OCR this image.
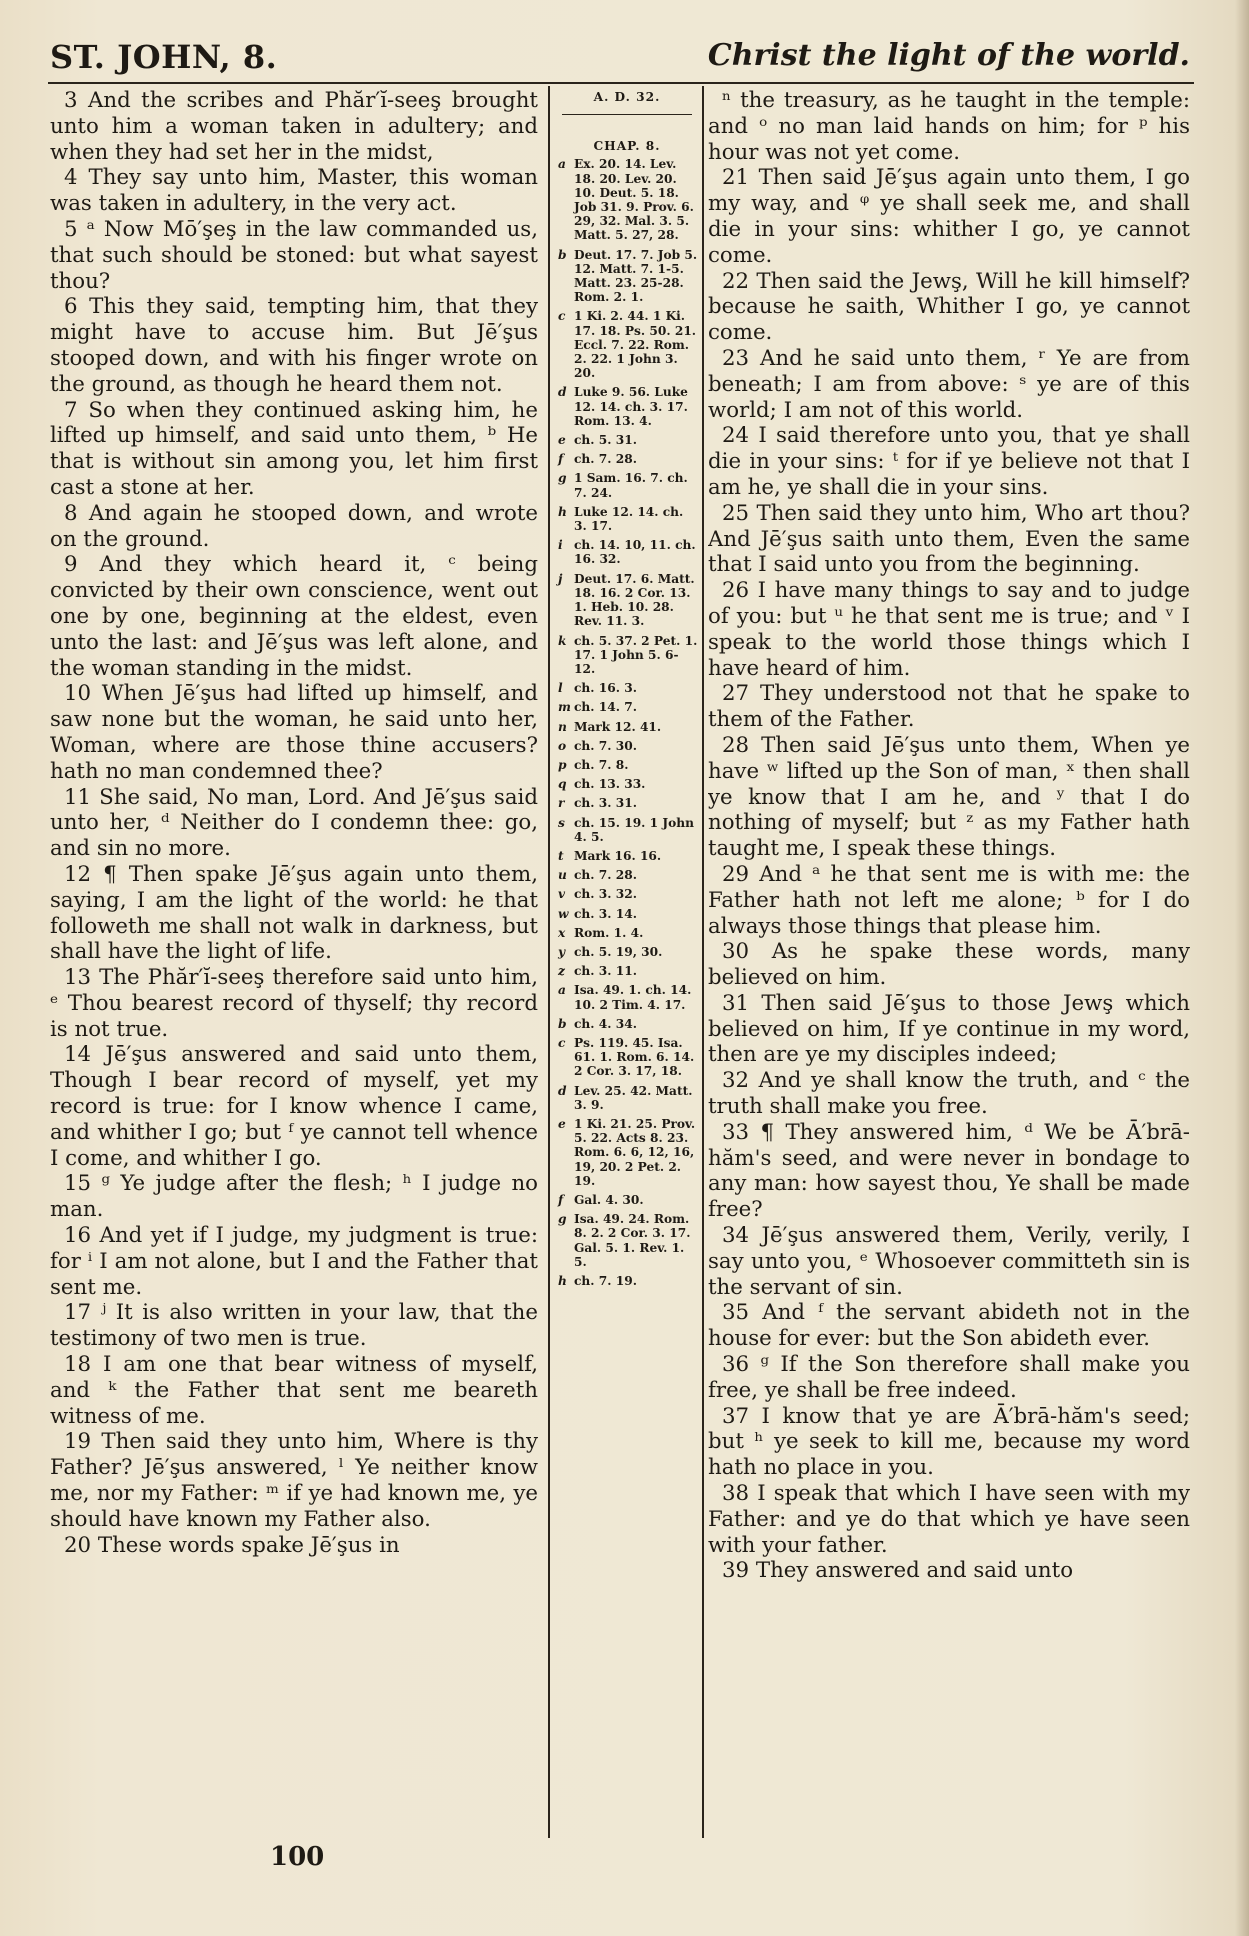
ST. JOHN, 8.	Christ the light of the world.

3 And the scribes and Phăr′ĭ-seeş brought unto him a woman taken in adultery; and when they had set her in the midst,

4 They say unto him, Master, this woman was taken in adultery, in the very act.

5 ᵃ Now Mō′şeş in the law commanded us, that such should be stoned: but what sayest thou?

6 This they said, tempting him, that they might have to accuse him. But Jē′şus stooped down, and with his finger wrote on the ground, as though he heard them not.

7 So when they continued asking him, he lifted up himself, and said unto them, ᵇ He that is without sin among you, let him first cast a stone at her.

8 And again he stooped down, and wrote on the ground.

9 And they which heard it, ᶜ being convicted by their own conscience, went out one by one, beginning at the eldest, even unto the last: and Jē′şus was left alone, and the woman standing in the midst.

10 When Jē′şus had lifted up himself, and saw none but the woman, he said unto her, Woman, where are those thine accusers? hath no man condemned thee?

11 She said, No man, Lord. And Jē′şus said unto her, ᵈ Neither do I condemn thee: go, and sin no more.

12 ¶ Then spake Jē′şus again unto them, saying, I am the light of the world: he that followeth me shall not walk in darkness, but shall have the light of life.

13 The Phăr′ĭ-seeş therefore said unto him, ᵉ Thou bearest record of thyself; thy record is not true.

14 Jē′şus answered and said unto them, Though I bear record of myself, yet my record is true: for I know whence I came, and whither I go; but ᶠ ye cannot tell whence I come, and whither I go.

15 ᵍ Ye judge after the flesh; ʰ I judge no man.

16 And yet if I judge, my judgment is true: for ⁱ I am not alone, but I and the Father that sent me.

17 ʲ It is also written in your law, that the testimony of two men is true.

18 I am one that bear witness of myself, and ᵏ the Father that sent me beareth witness of me.

19 Then said they unto him, Where is thy Father? Jē′şus answered, ˡ Ye neither know me, nor my Father: ᵐ if ye had known me, ye should have known my Father also.

20 These words spake Jē′şus in

A. D. 32.
CHAP. 8.
a Ex. 20. 14. Lev. 18. 20. Lev. 20. 10. Deut. 5. 18. Job 31. 9. Prov. 6. 29, 32. Mal. 3. 5. Matt. 5. 27, 28.
b Deut. 17. 7. Job 5. 12. Matt. 7. 1-5. Matt. 23. 25-28. Rom. 2. 1.
c 1 Ki. 2. 44. 1 Ki. 17. 18. Ps. 50. 21. Eccl. 7. 22. Rom. 2. 22. 1 John 3. 20.
d Luke 9. 56. Luke 12. 14. ch. 3. 17. Rom. 13. 4.
e ch. 5. 31.
f ch. 7. 28.
g 1 Sam. 16. 7. ch. 7. 24.
h Luke 12. 14. ch. 3. 17.
i ch. 14. 10, 11. ch. 16. 32.
j Deut. 17. 6. Matt. 18. 16. 2 Cor. 13. 1. Heb. 10. 28. Rev. 11. 3.
k ch. 5. 37. 2 Pet. 1. 17. 1 John 5. 6-12.
l ch. 16. 3.
m ch. 14. 7.
n Mark 12. 41.
o ch. 7. 30.
p ch. 7. 8.
q ch. 13. 33.
r ch. 3. 31.
s ch. 15. 19. 1 John 4. 5.
t Mark 16. 16.
u ch. 7. 28.
v ch. 3. 32.
w ch. 3. 14.
x Rom. 1. 4.
y ch. 5. 19, 30.
z ch. 3. 11.
a Isa. 49. 1. ch. 14. 10. 2 Tim. 4. 17.
b ch. 4. 34.
c Ps. 119. 45. Isa. 61. 1. Rom. 6. 14. 2 Cor. 3. 17, 18.
d Lev. 25. 42. Matt. 3. 9.
e 1 Ki. 21. 25. Prov. 5. 22. Acts 8. 23. Rom. 6. 6, 12, 16, 19, 20. 2 Pet. 2. 19.
f Gal. 4. 30.
g Isa. 49. 24. Rom. 8. 2. 2 Cor. 3. 17. Gal. 5. 1. Rev. 1. 5.
h ch. 7. 19.

ⁿ the treasury, as he taught in the temple: and ᵒ no man laid hands on him; for ᵖ his hour was not yet come.

21 Then said Jē′şus again unto them, I go my way, and ᵠ ye shall seek me, and shall die in your sins: whither I go, ye cannot come.

22 Then said the Jewş, Will he kill himself? because he saith, Whither I go, ye cannot come.

23 And he said unto them, ʳ Ye are from beneath; I am from above: ˢ ye are of this world; I am not of this world.

24 I said therefore unto you, that ye shall die in your sins: ᵗ for if ye believe not that I am he, ye shall die in your sins.

25 Then said they unto him, Who art thou? And Jē′şus saith unto them, Even the same that I said unto you from the beginning.

26 I have many things to say and to judge of you: but ᵘ he that sent me is true; and ᵛ I speak to the world those things which I have heard of him.

27 They understood not that he spake to them of the Father.

28 Then said Jē′şus unto them, When ye have ʷ lifted up the Son of man, ˣ then shall ye know that I am he, and ʸ that I do nothing of myself; but ᶻ as my Father hath taught me, I speak these things.

29 And ᵃ he that sent me is with me: the Father hath not left me alone; ᵇ for I do always those things that please him.

30 As he spake these words, many believed on him.

31 Then said Jē′şus to those Jewş which believed on him, If ye continue in my word, then are ye my disciples indeed;

32 And ye shall know the truth, and ᶜ the truth shall make you free.

33 ¶ They answered him, ᵈ We be Ā′brā-hăm's seed, and were never in bondage to any man: how sayest thou, Ye shall be made free?

34 Jē′şus answered them, Verily, verily, I say unto you, ᵉ Whosoever committeth sin is the servant of sin.

35 And ᶠ the servant abideth not in the house for ever: but the Son abideth ever.

36 ᵍ If the Son therefore shall make you free, ye shall be free indeed.

37 I know that ye are Ā′brā-hăm's seed; but ʰ ye seek to kill me, because my word hath no place in you.

38 I speak that which I have seen with my Father: and ye do that which ye have seen with your father.

39 They answered and said unto

100
